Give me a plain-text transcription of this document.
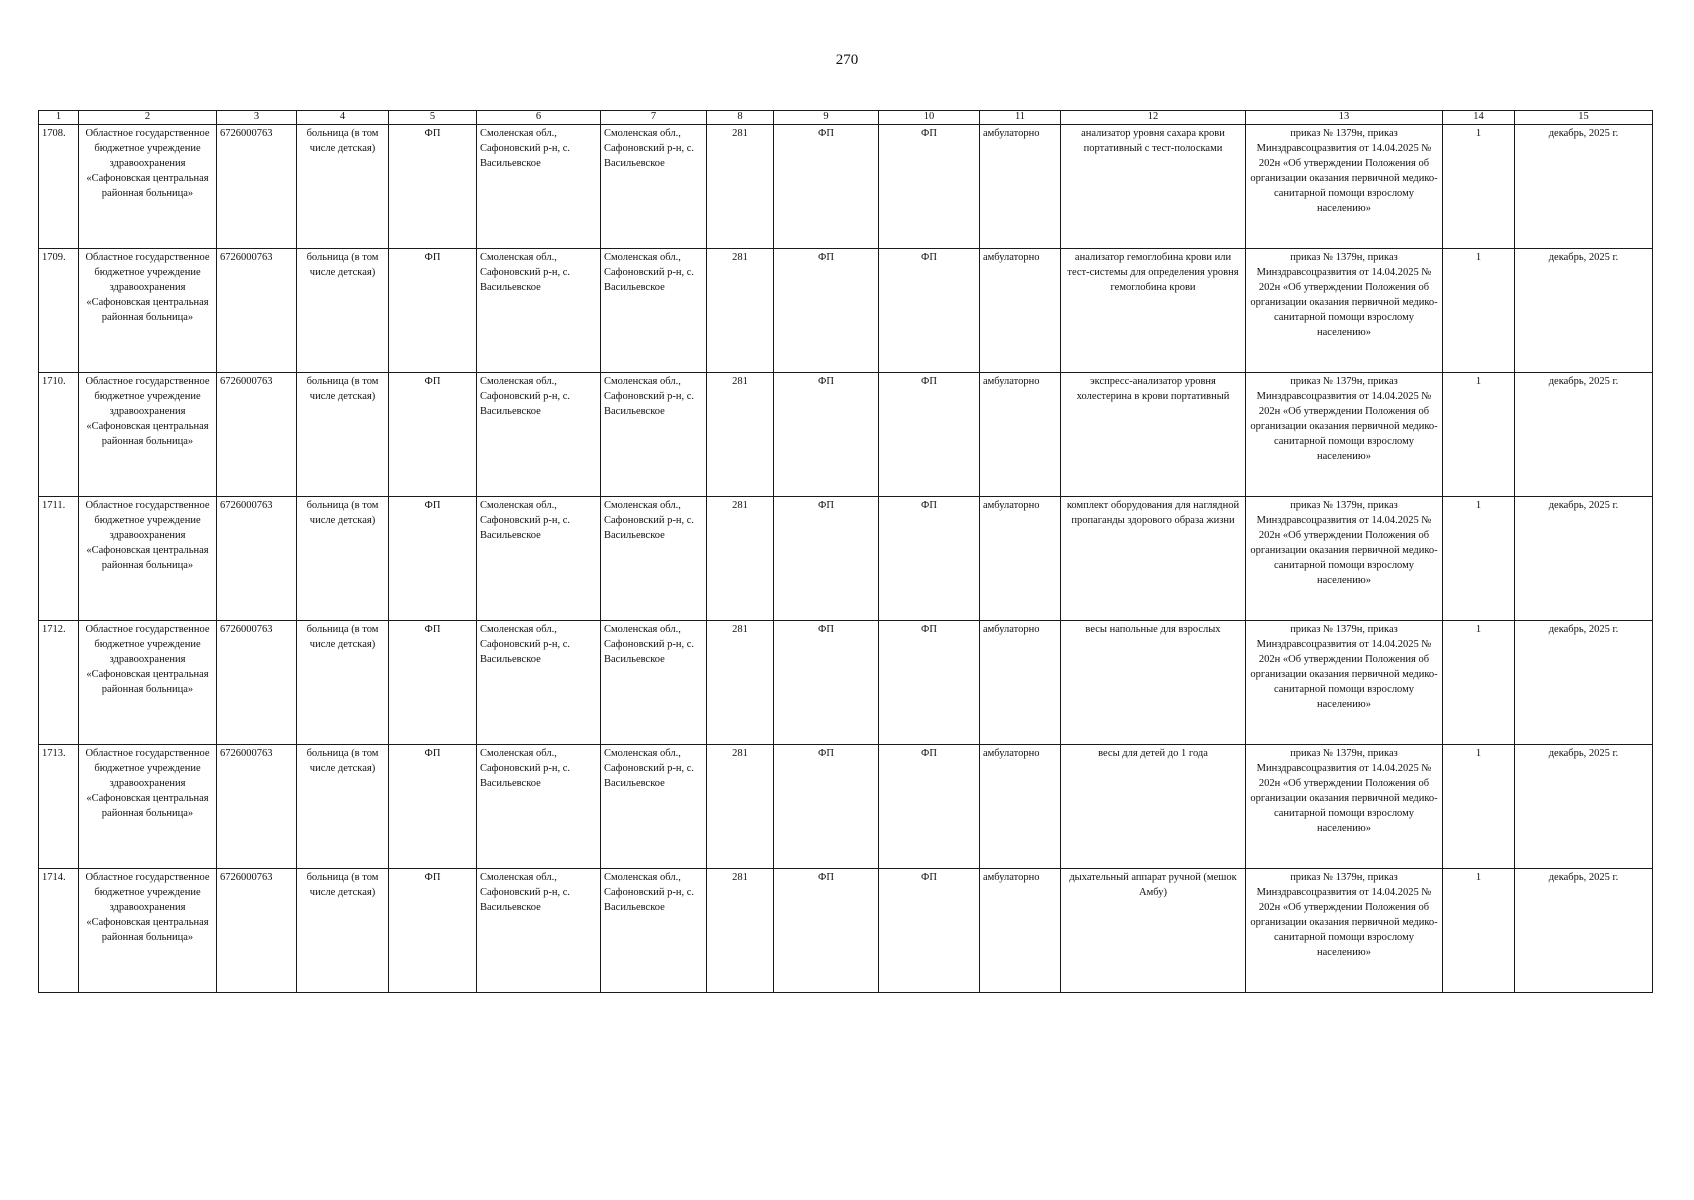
270
1	2	3	4	5	6	7	8	9	10	11	12	13	14	15
1708.	Областное государственное бюджетное учреждение здравоохранения «Сафоновская центральная районная больница»	6726000763	больница (в том числе детская)	ФП	Смоленская обл., Сафоновский р-н, с. Васильевское	Смоленская обл., Сафоновский р-н, с. Васильевское	281	ФП	ФП	амбулаторно	анализатор уровня сахара крови портативный с тест-полосками	приказ № 1379н, приказ Минздравсоцразвития от 14.04.2025 № 202н «Об утверждении Положения об организации оказания первичной медико-санитарной помощи взрослому населению»	1	декабрь, 2025 г.
1709.	Областное государственное бюджетное учреждение здравоохранения «Сафоновская центральная районная больница»	6726000763	больница (в том числе детская)	ФП	Смоленская обл., Сафоновский р-н, с. Васильевское	Смоленская обл., Сафоновский р-н, с. Васильевское	281	ФП	ФП	амбулаторно	анализатор гемоглобина крови или тест-системы для определения уровня гемоглобина крови	приказ № 1379н, приказ Минздравсоцразвития от 14.04.2025 № 202н «Об утверждении Положения об организации оказания первичной медико-санитарной помощи взрослому населению»	1	декабрь, 2025 г.
1710.	Областное государственное бюджетное учреждение здравоохранения «Сафоновская центральная районная больница»	6726000763	больница (в том числе детская)	ФП	Смоленская обл., Сафоновский р-н, с. Васильевское	Смоленская обл., Сафоновский р-н, с. Васильевское	281	ФП	ФП	амбулаторно	экспресс-анализатор уровня холестерина в крови портативный	приказ № 1379н, приказ Минздравсоцразвития от 14.04.2025 № 202н «Об утверждении Положения об организации оказания первичной медико-санитарной помощи взрослому населению»	1	декабрь, 2025 г.
1711.	Областное государственное бюджетное учреждение здравоохранения «Сафоновская центральная районная больница»	6726000763	больница (в том числе детская)	ФП	Смоленская обл., Сафоновский р-н, с. Васильевское	Смоленская обл., Сафоновский р-н, с. Васильевское	281	ФП	ФП	амбулаторно	комплект оборудования для наглядной пропаганды здорового образа жизни	приказ № 1379н, приказ Минздравсоцразвития от 14.04.2025 № 202н «Об утверждении Положения об организации оказания первичной медико-санитарной помощи взрослому населению»	1	декабрь, 2025 г.
1712.	Областное государственное бюджетное учреждение здравоохранения «Сафоновская центральная районная больница»	6726000763	больница (в том числе детская)	ФП	Смоленская обл., Сафоновский р-н, с. Васильевское	Смоленская обл., Сафоновский р-н, с. Васильевское	281	ФП	ФП	амбулаторно	весы напольные для взрослых	приказ № 1379н, приказ Минздравсоцразвития от 14.04.2025 № 202н «Об утверждении Положения об организации оказания первичной медико-санитарной помощи взрослому населению»	1	декабрь, 2025 г.
1713.	Областное государственное бюджетное учреждение здравоохранения «Сафоновская центральная районная больница»	6726000763	больница (в том числе детская)	ФП	Смоленская обл., Сафоновский р-н, с. Васильевское	Смоленская обл., Сафоновский р-н, с. Васильевское	281	ФП	ФП	амбулаторно	весы для детей до 1 года	приказ № 1379н, приказ Минздравсоцразвития от 14.04.2025 № 202н «Об утверждении Положения об организации оказания первичной медико-санитарной помощи взрослому населению»	1	декабрь, 2025 г.
1714.	Областное государственное бюджетное учреждение здравоохранения «Сафоновская центральная районная больница»	6726000763	больница (в том числе детская)	ФП	Смоленская обл., Сафоновский р-н, с. Васильевское	Смоленская обл., Сафоновский р-н, с. Васильевское	281	ФП	ФП	амбулаторно	дыхательный аппарат ручной (мешок Амбу)	приказ № 1379н, приказ Минздравсоцразвития от 14.04.2025 № 202н «Об утверждении Положения об организации оказания первичной медико-санитарной помощи взрослому населению»	1	декабрь, 2025 г.
